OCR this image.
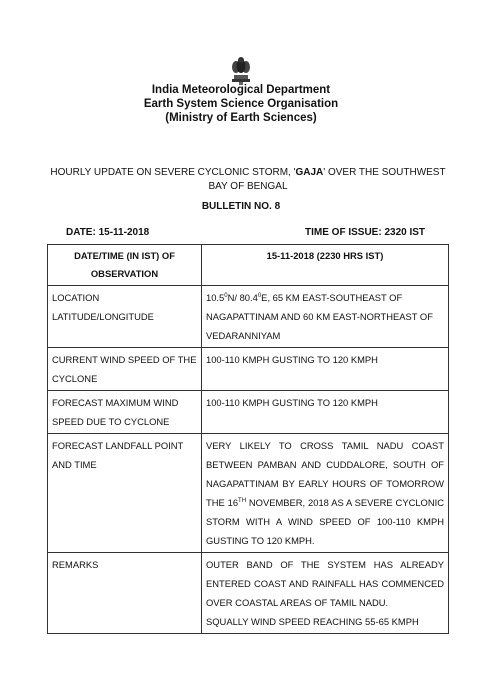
India Meteorological Department
Earth System Science Organisation
(Ministry of Earth Sciences)
HOURLY UPDATE ON SEVERE CYCLONIC STORM, 'GAJA' OVER THE SOUTHWEST BAY OF BENGAL
BULLETIN NO. 8
DATE: 15-11-2018	TIME OF ISSUE: 2320 IST
DATE/TIME (IN IST) OF OBSERVATION	15-11-2018 (2230 HRS IST)
LOCATION LATITUDE/LONGITUDE	10.5$^0$N/ 80.4$^0$E, 65 KM EAST-SOUTHEAST OF NAGAPATTINAM AND 60 KM EAST-NORTHEAST OF VEDARANNIYAM
CURRENT WIND SPEED OF THE CYCLONE	100-110 KMPH GUSTING TO 120 KMPH
FORECAST MAXIMUM WIND SPEED DUE TO CYCLONE	100-110 KMPH GUSTING TO 120 KMPH
FORECAST LANDFALL POINT AND TIME	VERY LIKELY TO CROSS TAMIL NADU COAST BETWEEN PAMBAN AND CUDDALORE, SOUTH OF NAGAPATTINAM BY EARLY HOURS OF TOMORROW THE 16TH NOVEMBER, 2018 AS A SEVERE CYCLONIC STORM WITH A WIND SPEED OF 100-110 KMPH GUSTING TO 120 KMPH.
REMARKS	OUTER BAND OF THE SYSTEM HAS ALREADY ENTERED COAST AND RAINFALL HAS COMMENCED OVER COASTAL AREAS OF TAMIL NADU.
SQUALLY WIND SPEED REACHING 55-65 KMPH
